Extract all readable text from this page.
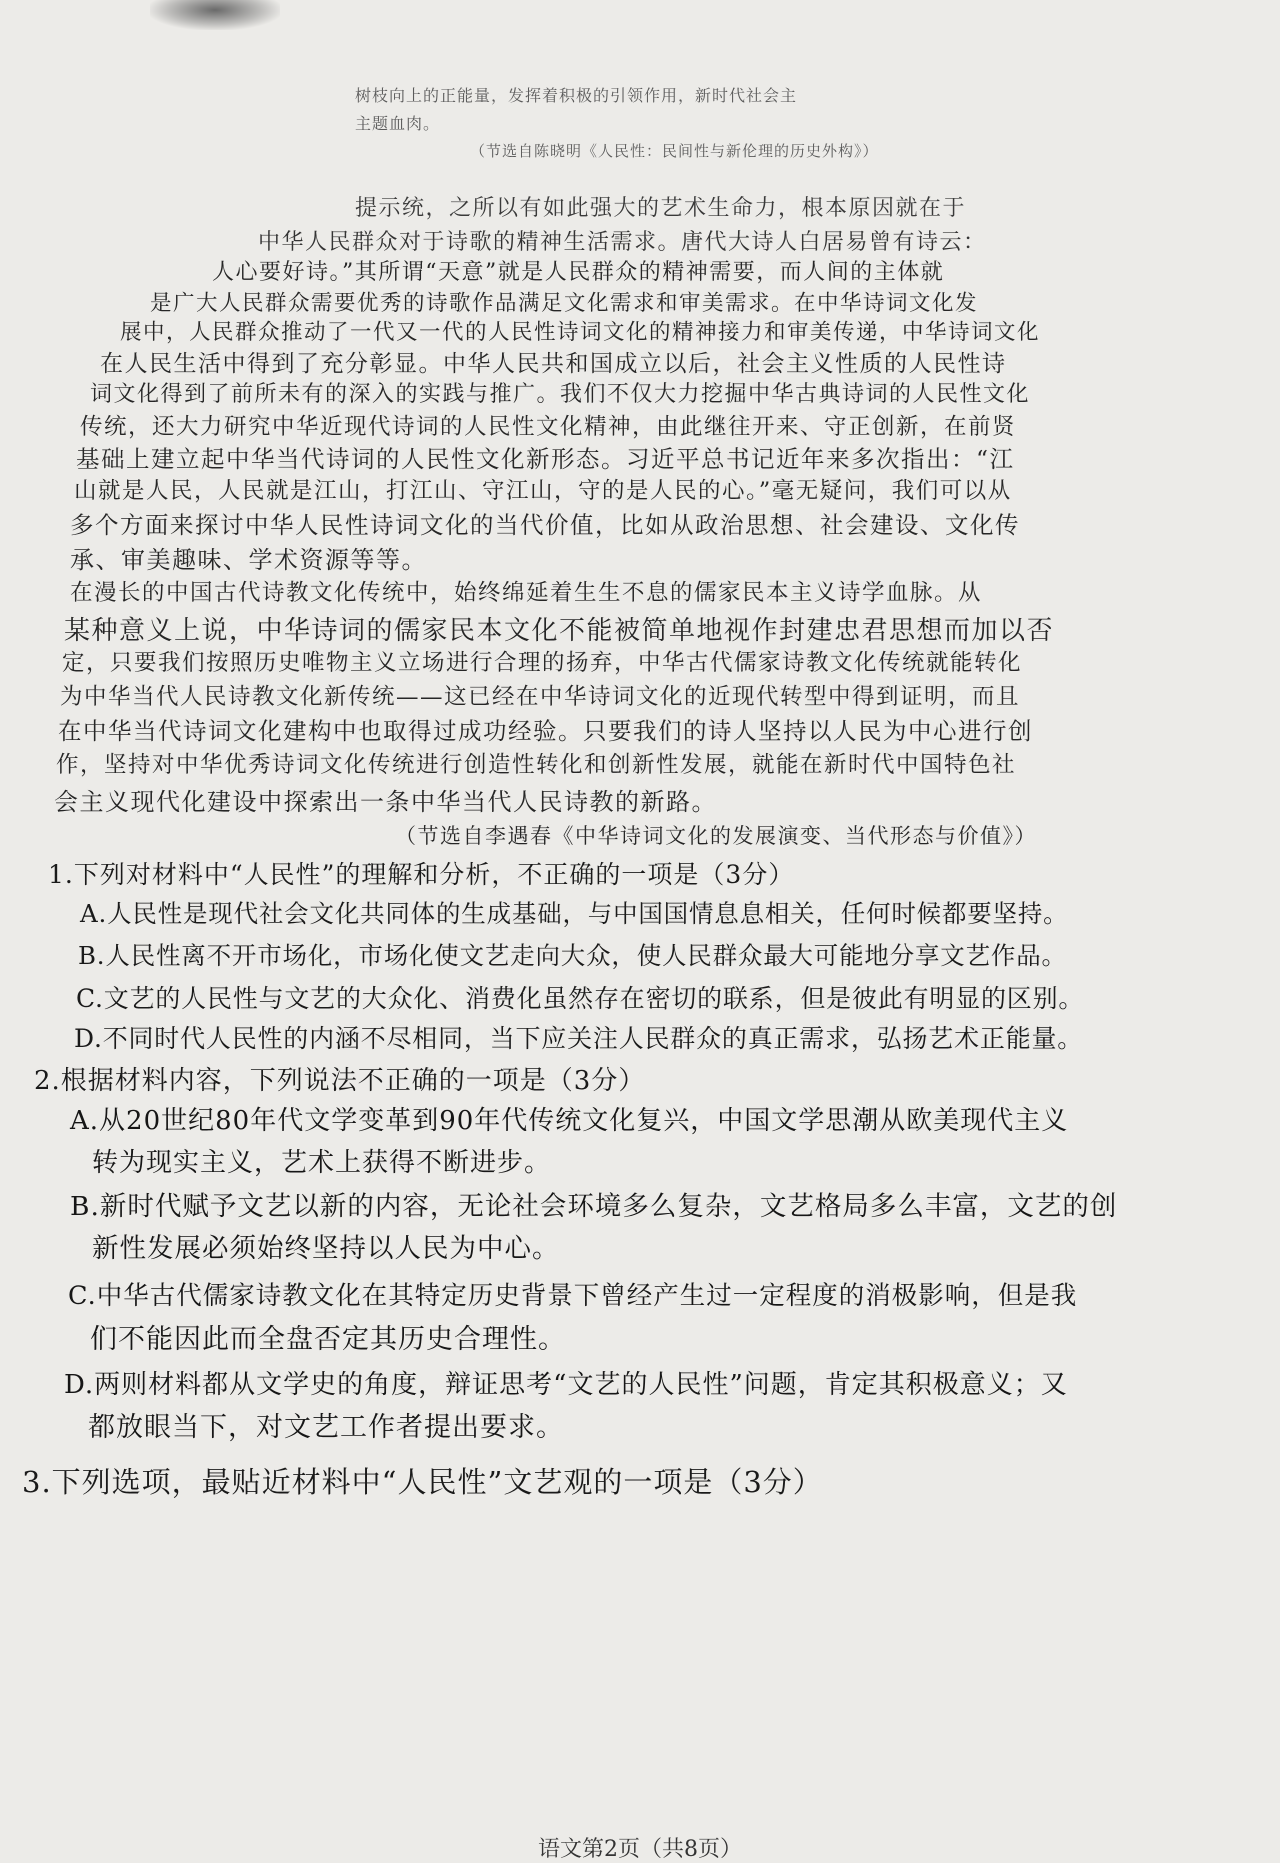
树枝向上的正能量，发挥着积极的引领作用，新时代社会主
主题血肉。
（节选自陈晓明《人民性：民间性与新伦理的历史外构》）
提示统，之所以有如此强大的艺术生命力，根本原因就在于
中华人民群众对于诗歌的精神生活需求。唐代大诗人白居易曾有诗云：
人心要好诗。”其所谓“天意”就是人民群众的精神需要，而人间的主体就
是广大人民群众需要优秀的诗歌作品满足文化需求和审美需求。在中华诗词文化发
展中，人民群众推动了一代又一代的人民性诗词文化的精神接力和审美传递，中华诗词文化
在人民生活中得到了充分彰显。中华人民共和国成立以后，社会主义性质的人民性诗
词文化得到了前所未有的深入的实践与推广。我们不仅大力挖掘中华古典诗词的人民性文化
传统，还大力研究中华近现代诗词的人民性文化精神，由此继往开来、守正创新，在前贤
基础上建立起中华当代诗词的人民性文化新形态。习近平总书记近年来多次指出：“江
山就是人民，人民就是江山，打江山、守江山，守的是人民的心。”毫无疑问，我们可以从
多个方面来探讨中华人民性诗词文化的当代价值，比如从政治思想、社会建设、文化传
承、审美趣味、学术资源等等。
在漫长的中国古代诗教文化传统中，始终绵延着生生不息的儒家民本主义诗学血脉。从
某种意义上说，中华诗词的儒家民本文化不能被简单地视作封建忠君思想而加以否
定，只要我们按照历史唯物主义立场进行合理的扬弃，中华古代儒家诗教文化传统就能转化
为中华当代人民诗教文化新传统——这已经在中华诗词文化的近现代转型中得到证明，而且
在中华当代诗词文化建构中也取得过成功经验。只要我们的诗人坚持以人民为中心进行创
作，坚持对中华优秀诗词文化传统进行创造性转化和创新性发展，就能在新时代中国特色社
会主义现代化建设中探索出一条中华当代人民诗教的新路。
（节选自李遇春《中华诗词文化的发展演变、当代形态与价值》）
1.下列对材料中“人民性”的理解和分析，不正确的一项是（3分）
A.人民性是现代社会文化共同体的生成基础，与中国国情息息相关，任何时候都要坚持。
B.人民性离不开市场化，市场化使文艺走向大众，使人民群众最大可能地分享文艺作品。
C.文艺的人民性与文艺的大众化、消费化虽然存在密切的联系，但是彼此有明显的区别。
D.不同时代人民性的内涵不尽相同，当下应关注人民群众的真正需求，弘扬艺术正能量。
2.根据材料内容，下列说法不正确的一项是（3分）
A.从20世纪80年代文学变革到90年代传统文化复兴，中国文学思潮从欧美现代主义
转为现实主义，艺术上获得不断进步。
B.新时代赋予文艺以新的内容，无论社会环境多么复杂，文艺格局多么丰富，文艺的创
新性发展必须始终坚持以人民为中心。
C.中华古代儒家诗教文化在其特定历史背景下曾经产生过一定程度的消极影响，但是我
们不能因此而全盘否定其历史合理性。
D.两则材料都从文学史的角度，辩证思考“文艺的人民性”问题，肯定其积极意义；又
都放眼当下，对文艺工作者提出要求。
3.下列选项，最贴近材料中“人民性”文艺观的一项是（3分）
语文第2页（共8页）
